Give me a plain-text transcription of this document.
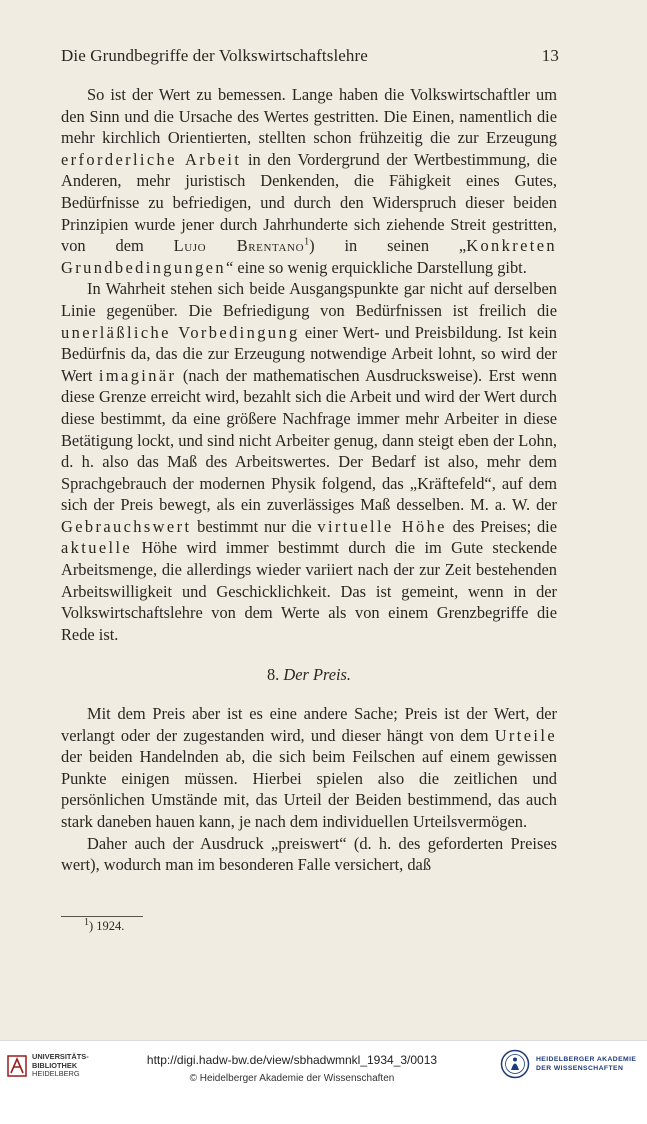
Die Grundbegriffe der Volkswirtschaftslehre	13

So ist der Wert zu bemessen. Lange haben die Volkswirtschaftler um den Sinn und die Ursache des Wertes gestritten. Die Einen, namentlich die mehr kirchlich Orientierten, stellten schon frühzeitig die zur Erzeugung erforderliche Arbeit in den Vordergrund der Wertbestimmung, die Anderen, mehr juristisch Denkenden, die Fähigkeit eines Gutes, Bedürfnisse zu befriedigen, und durch den Widerspruch dieser beiden Prinzipien wurde jener durch Jahrhunderte sich ziehende Streit gestritten, von dem Lujo Brentano$^1$) in seinen „Konkreten Grundbedingungen“ eine so wenig erquickliche Darstellung gibt.

In Wahrheit stehen sich beide Ausgangspunkte gar nicht auf derselben Linie gegenüber. Die Befriedigung von Bedürfnissen ist freilich die unerläßliche Vorbedingung einer Wert- und Preisbildung. Ist kein Bedürfnis da, das die zur Erzeugung notwendige Arbeit lohnt, so wird der Wert imaginär (nach der mathematischen Ausdrucksweise). Erst wenn diese Grenze erreicht wird, bezahlt sich die Arbeit und wird der Wert durch diese bestimmt, da eine größere Nachfrage immer mehr Arbeiter in diese Betätigung lockt, und sind nicht Arbeiter genug, dann steigt eben der Lohn, d. h. also das Maß des Arbeitswertes. Der Bedarf ist also, mehr dem Sprachgebrauch der modernen Physik folgend, das „Kräftefeld“, auf dem sich der Preis bewegt, als ein zuverlässiges Maß desselben. M. a. W. der Gebrauchswert bestimmt nur die virtuelle Höhe des Preises; die aktuelle Höhe wird immer bestimmt durch die im Gute steckende Arbeitsmenge, die allerdings wieder variiert nach der zur Zeit bestehenden Arbeitswilligkeit und Geschicklichkeit. Das ist gemeint, wenn in der Volkswirtschaftslehre von dem Werte als von einem Grenzbegriffe die Rede ist.

8. Der Preis.

Mit dem Preis aber ist es eine andere Sache; Preis ist der Wert, der verlangt oder der zugestanden wird, und dieser hängt von dem Urteile der beiden Handelnden ab, die sich beim Feilschen auf einem gewissen Punkte einigen müssen. Hierbei spielen also die zeitlichen und persönlichen Umstände mit, das Urteil der Beiden bestimmend, das auch stark daneben hauen kann, je nach dem individuellen Urteilsvermögen.

Daher auch der Ausdruck „preiswert“ (d. h. des geforderten Preises wert), wodurch man im besonderen Falle versichert, daß

$^1$) 1924.
UNIVERSITÄTS-
BIBLIOTHEK
HEIDELBERG
http://digi.hadw-bw.de/view/sbhadwmnkl_1934_3/0013
© Heidelberger Akademie der Wissenschaften
HEIDELBERGER AKADEMIE
DER WISSENSCHAFTEN
